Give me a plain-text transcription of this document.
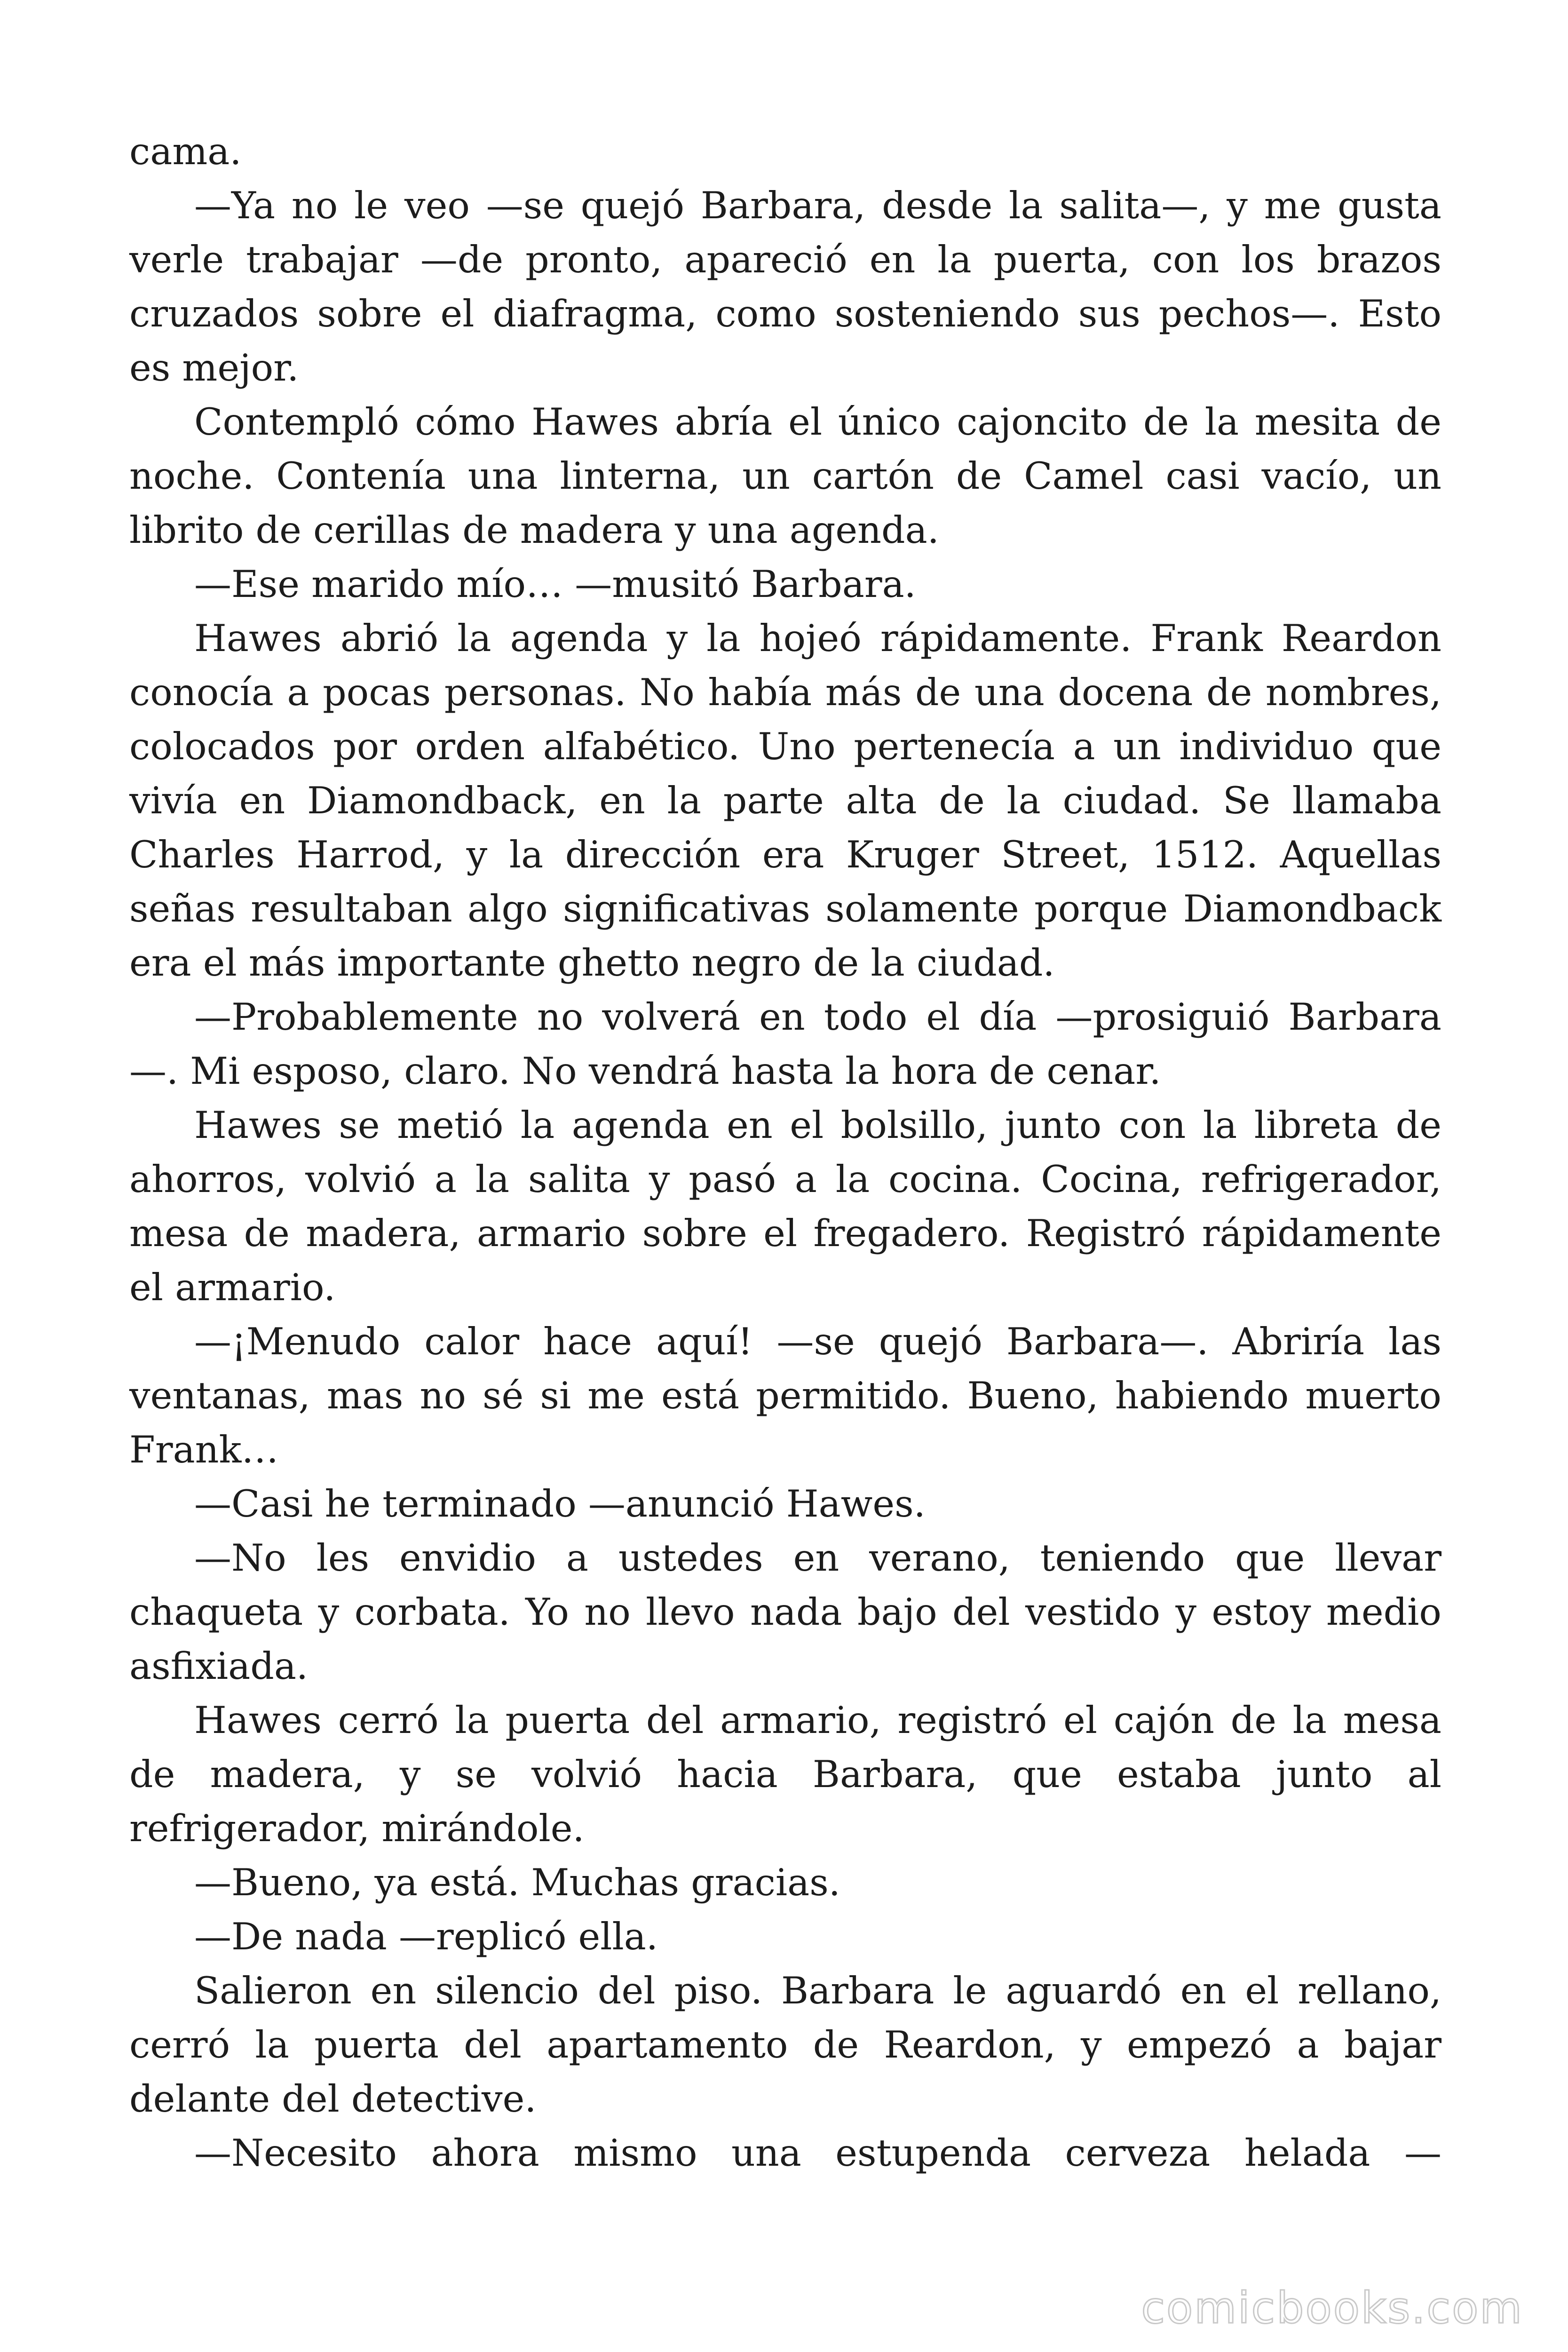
cama.

—Ya no le veo —se quejó Barbara, desde la salita—, y me gusta verle trabajar —de pronto, apareció en la puerta, con los brazos cruzados sobre el diafragma, como sosteniendo sus pechos—. Esto es mejor.

Contempló cómo Hawes abría el único cajoncito de la mesita de noche. Contenía una linterna, un cartón de Camel casi vacío, un librito de cerillas de madera y una agenda.

—Ese marido mío… —musitó Barbara.

Hawes abrió la agenda y la hojeó rápidamente. Frank Reardon conocía a pocas personas. No había más de una docena de nombres, colocados por orden alfabético. Uno pertenecía a un individuo que vivía en Diamondback, en la parte alta de la ciudad. Se llamaba Charles Harrod, y la dirección era Kruger Street, 1512. Aquellas señas resultaban algo significativas solamente porque Diamondback era el más importante ghetto negro de la ciudad.

—Probablemente no volverá en todo el día —prosiguió Barbara —. Mi esposo, claro. No vendrá hasta la hora de cenar.

Hawes se metió la agenda en el bolsillo, junto con la libreta de ahorros, volvió a la salita y pasó a la cocina. Cocina, refrigerador, mesa de madera, armario sobre el fregadero. Registró rápidamente el armario.

—¡Menudo calor hace aquí! —se quejó Barbara—. Abriría las ventanas, mas no sé si me está permitido. Bueno, habiendo muerto Frank…

—Casi he terminado —anunció Hawes.

—No les envidio a ustedes en verano, teniendo que llevar chaqueta y corbata. Yo no llevo nada bajo del vestido y estoy medio asfixiada.

Hawes cerró la puerta del armario, registró el cajón de la mesa de madera, y se volvió hacia Barbara, que estaba junto al refrigerador, mirándole.

—Bueno, ya está. Muchas gracias.

—De nada —replicó ella.

Salieron en silencio del piso. Barbara le aguardó en el rellano, cerró la puerta del apartamento de Reardon, y empezó a bajar delante del detective.

—Necesito ahora mismo una estupenda cerveza helada —

comicbooks.com
